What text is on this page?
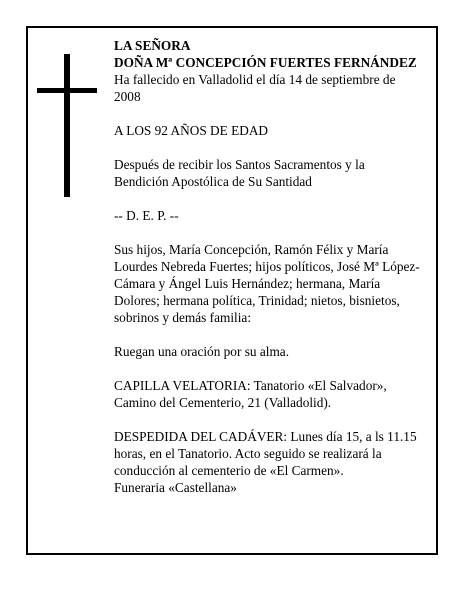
LA SEÑORA

DOÑA Mª CONCEPCIÓN FUERTES FERNÁNDEZ

Ha fallecido en Valladolid el día 14 de septiembre de 2008

A LOS 92 AÑOS DE EDAD

Después de recibir los Santos Sacramentos y la Bendición Apostólica de Su Santidad

-- D. E. P. --

Sus hijos, María Concepción, Ramón Félix y María Lourdes Nebreda Fuertes; hijos políticos, José Mª López-Cámara y Ángel Luis Hernández; hermana, María Dolores; hermana política, Trinidad; nietos, bisnietos, sobrinos y demás familia:

Ruegan una oración por su alma.

CAPILLA VELATORIA: Tanatorio «El Salvador», Camino del Cementerio, 21 (Valladolid).

DESPEDIDA DEL CADÁVER: Lunes día 15, a ls 11.15 horas, en el Tanatorio. Acto seguido se realizará la conducción al cementerio de «El Carmen».

Funeraria «Castellana»
